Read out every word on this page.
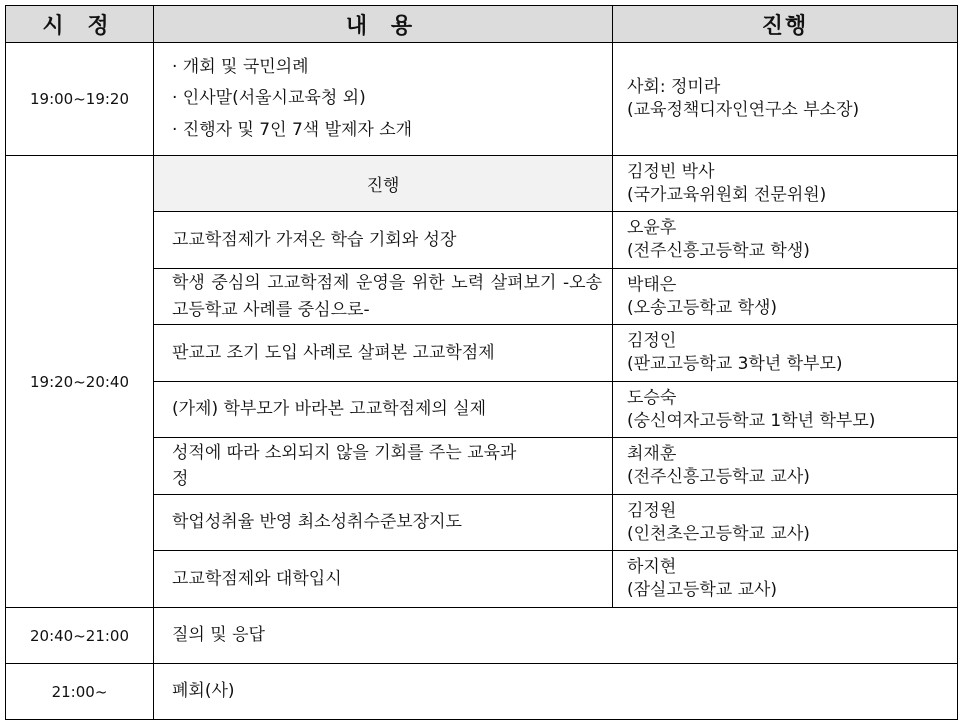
시 정	내 용	진행
19:00~19:20	· 개회 및 국민의례
· 인사말(서울시교육청 외)
· 진행자 및 7인 7색 발제자 소개	사회: 정미라
(교육정책디자인연구소 부소장)

19:20~20:40	진행	김정빈 박사
(국가교육위원회 전문위원)

	고교학점제가 가져온 학습 기회와 성장	오윤후
(전주신흥고등학교 학생)

	학생 중심의 고교학점제 운영을 위한 노력 살펴보기 -오송고등학교 사례를 중심으로-	박태은
(오송고등학교 학생)

	판교고 조기 도입 사례로 살펴본 고교학점제	김정인
(판교고등학교 3학년 학부모)

	(가제) 학부모가 바라본 고교학점제의 실제	도승숙
(숭신여자고등학교 1학년 학부모)

	성적에 따라 소외되지 않을 기회를 주는 교육과정	최재훈
(전주신흥고등학교 교사)

	학업성취율 반영 최소성취수준보장지도	김정원
(인천초은고등학교 교사)

	고교학점제와 대학입시	하지현
(잠실고등학교 교사)

20:40~21:00	질의 및 응답	
21:00~	폐회(사)	
